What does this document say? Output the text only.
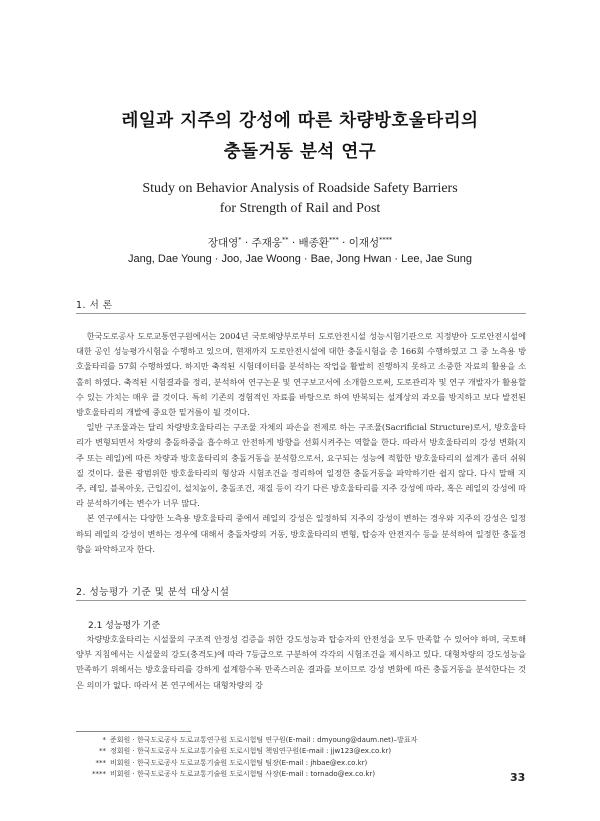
레일과 지주의 강성에 따른 차량방호울타리의
충돌거동 분석 연구
Study on Behavior Analysis of Roadside Safety Barriers
for Strength of Rail and Post
장대영* · 주재웅** · 배종환*** · 이재성****
Jang, Dae Young · Joo, Jae Woong · Bae, Jong Hwan · Lee, Jae Sung
1. 서 론

한국도로공사 도로교통연구원에서는 2004년 국토해양부로부터 도로안전시설 성능시험기관으로 지정받아 도로안전시설에 대한 공인 성능평가시험을 수행하고 있으며, 현재까지 도로안전시설에 대한 충돌시험을 총 166회 수행하였고 그 중 노측용 방호울타리를 57회 수행하였다. 하지만 축적된 시험데이터를 분석하는 작업을 활발히 진행하지 못하고 소중한 자료의 활용을 소홀히 하였다. 축적된 시험결과를 정리, 분석하여 연구논문 및 연구보고서에 소개함으로써, 도로관리자 및 연구 개발자가 활용할 수 있는 가치는 매우 클 것이다. 특히 기존의 경험적인 자료를 바탕으로 하여 반복되는 설계상의 과오를 방지하고 보다 발전된 방호울타리의 개발에 중요한 밑거름이 될 것이다.

일반 구조물과는 달리 차량방호울타리는 구조물 자체의 파손을 전제로 하는 구조물(Sacrificial Structure)로서, 방호울타리가 변형되면서 차량의 충돌하중을 흡수하고 안전하게 방향을 선회시켜주는 역할을 한다. 따라서 방호울타리의 강성 변화(지주 또는 레일)에 따른 차량과 방호울타리의 충돌거동을 분석함으로서, 요구되는 성능에 적합한 방호울타리의 설계가 좀더 쉬워질 것이다. 물론 광범위한 방호울타리의 형상과 시험조건을 정리하여 일정한 충돌거동을 파악하기란 쉽지 않다. 다시 말해 지주, 레일, 블록아웃, 근입깊이, 설치높이, 충돌조건, 재질 등이 각기 다른 방호울타리를 지주 강성에 따라, 혹은 레일의 강성에 따라 분석하기에는 변수가 너무 많다.

본 연구에서는 다양한 노측용 방호울타리 중에서 레일의 강성은 일정하되 지주의 강성이 변하는 경우와 지주의 강성은 일정하되 레일의 강성이 변하는 경우에 대해서 충돌차량의 거동, 방호울타리의 변형, 탑승자 안전지수 등을 분석하여 일정한 충돌경향을 파악하고자 한다.

2. 성능평가 기준 및 분석 대상시설
2.1 성능평가 기준

차량방호울타리는 시설물의 구조적 안정성 검증을 위한 강도성능과 탑승자의 안전성을 모두 만족할 수 있어야 하며, 국토해양부 지침에서는 시설물의 강도(충격도)에 따라 7등급으로 구분하여 각각의 시험조건을 제시하고 있다. 대형차량의 강도성능을 만족하기 위해서는 방호울타리를 강하게 설계함수록 만족스러운 결과를 보이므로 강성 변화에 따른 충돌거동을 분석한다는 것은 의미가 없다. 따라서 본 연구에서는 대형차량의 강

* 준회원 · 한국도로공사 도로교통연구원 도로시험팀 연구원(E-mail : dmyoung@daum.net)–발표자
** 정회원 · 한국도로공사 도로교통기술원 도로시험팀 책임연구원(E-mail : jjw123@ex.co.kr)
*** 비회원 · 한국도로공사 도로교통기술원 도로시험팀 팀장(E-mail : jhbae@ex.co.kr)
**** 비회원 · 한국도로공사 도로교통기술원 도로시험팀 사장(E-mail : tornado@ex.co.kr)	33
